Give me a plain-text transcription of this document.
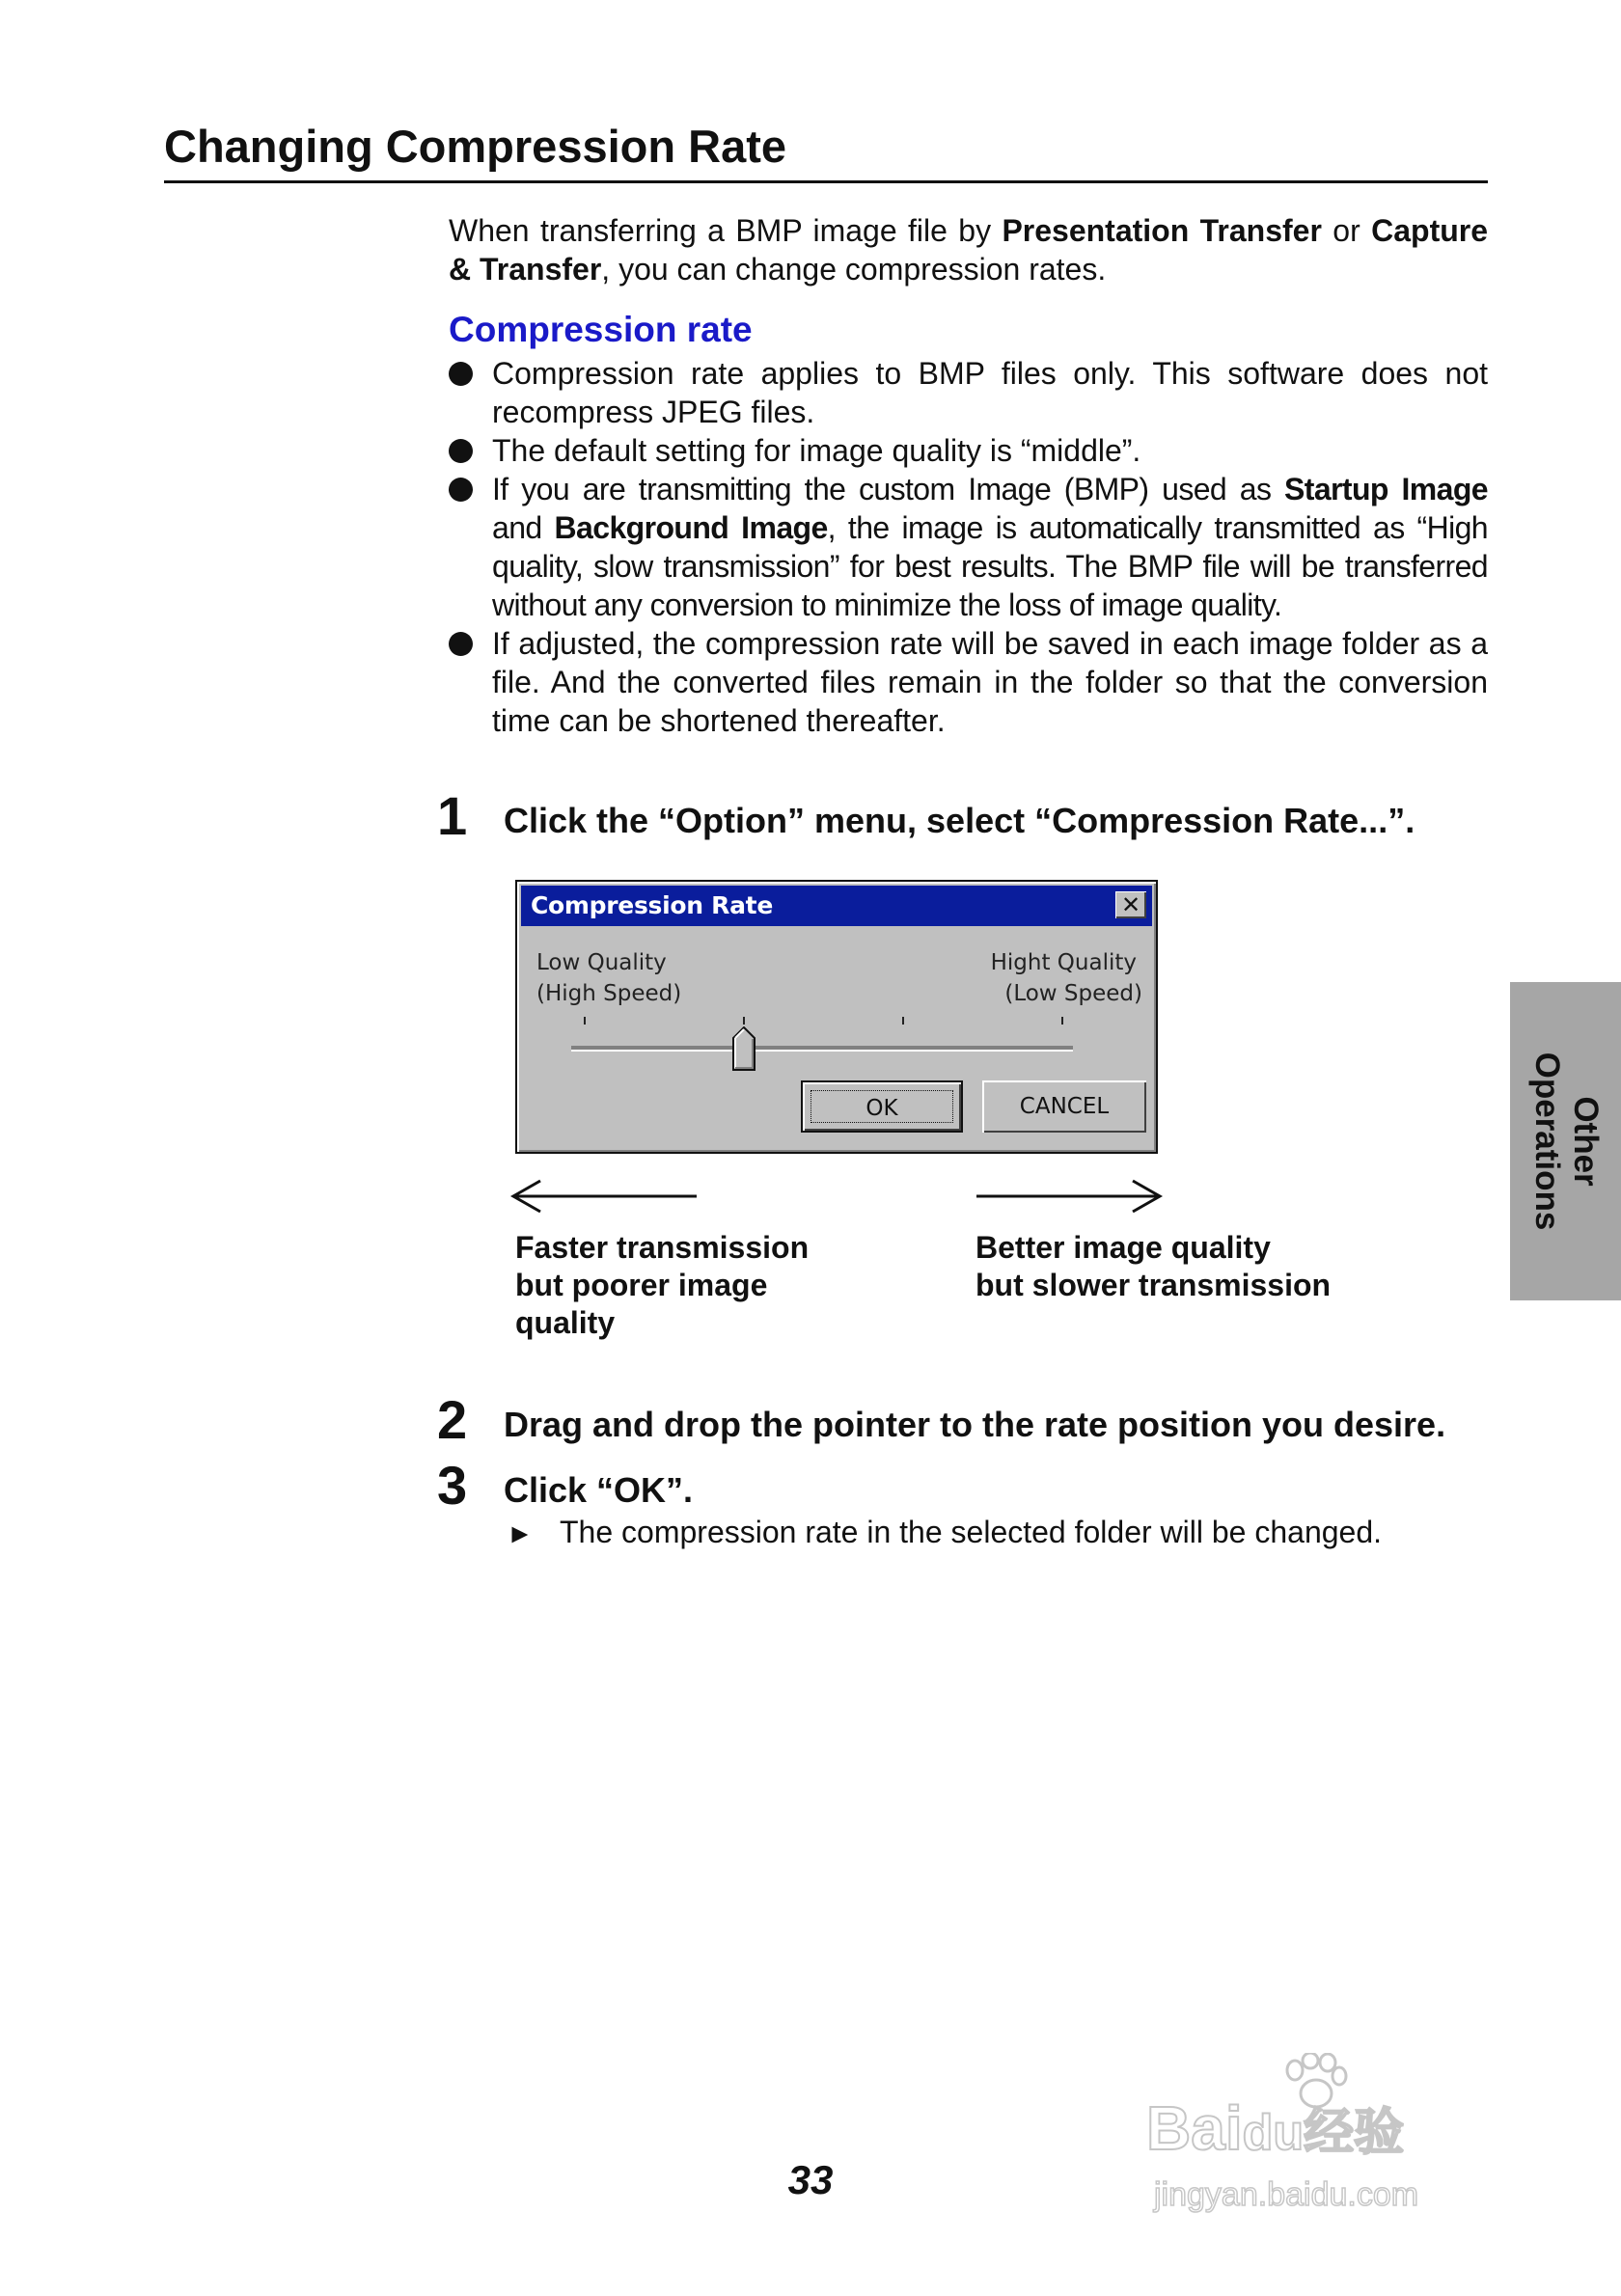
Changing Compression Rate
When transferring a BMP image file by Presentation Transfer or Capture & Transfer, you can change compression rates.
Compression rate
Compression rate applies to BMP files only. This software does not recompress JPEG files.
The default setting for image quality is “middle”.
If you are transmitting the custom Image (BMP) used as Startup Image and Background Image, the image is automatically transmitted as “High quality, slow transmission” for best results. The BMP file will be transferred without any conversion to minimize the loss of image quality.
If adjusted, the compression rate will be saved in each image folder as a file. And the converted files remain in the folder so that the conversion time can be shortened thereafter.
1 Click the “Option” menu, select “Compression Rate...”.
Compression Rate	✕
Low Quality
(High Speed)
Hight Quality
(Low Speed)
OK	CANCEL
Faster transmission
but poorer image
quality
Better image quality
but slower transmission
2 Drag and drop the pointer to the rate position you desire.
3 Click “OK”.
► The compression rate in the selected folder will be changed.
Other
Operations
33
Baidu经验
jingyan.baidu.com
